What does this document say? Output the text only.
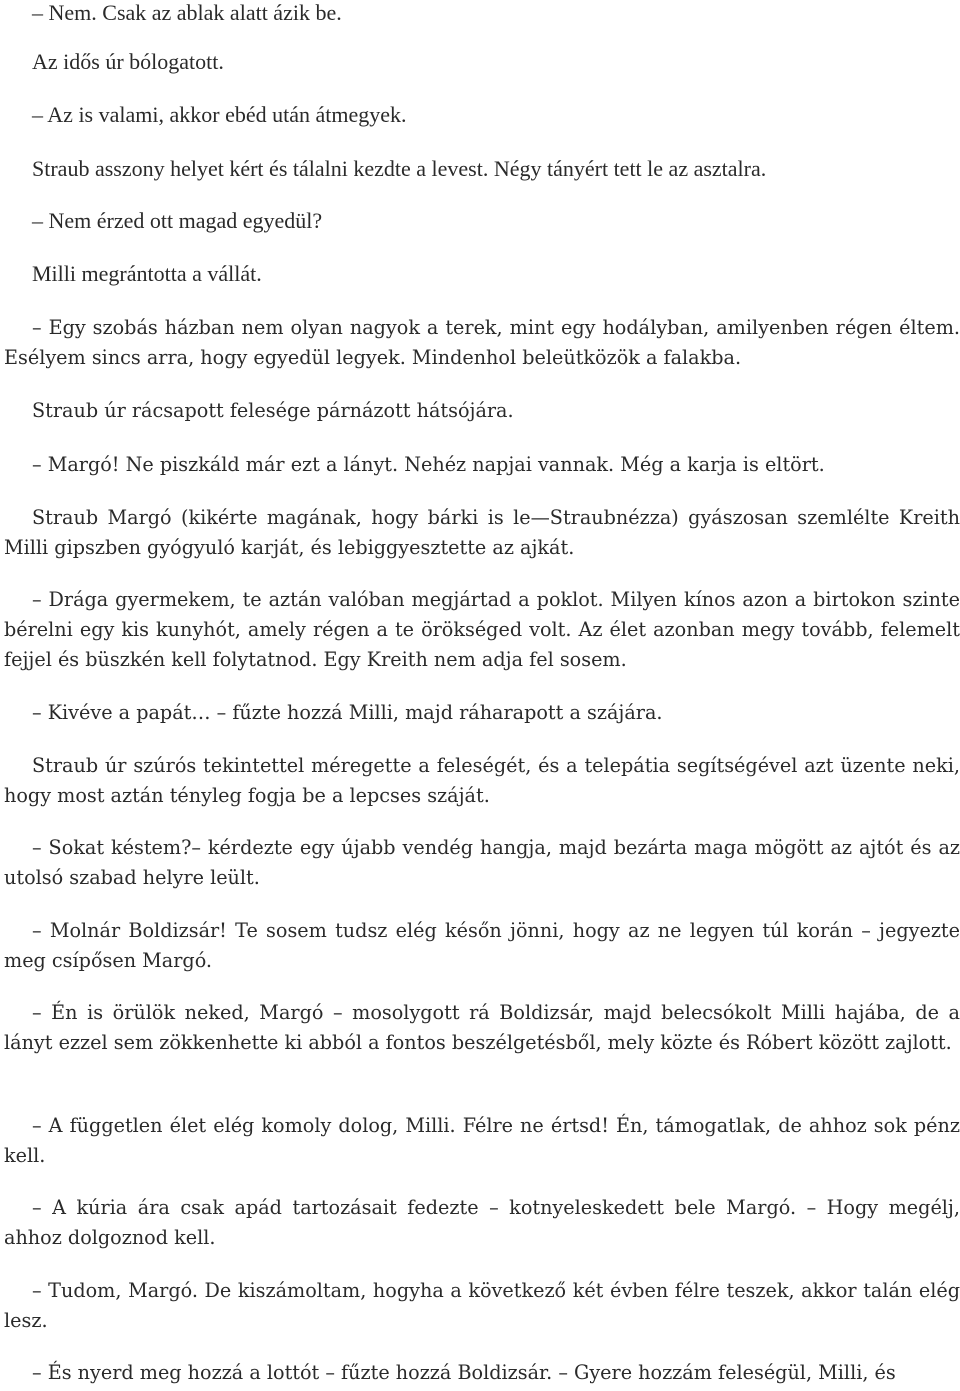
– Nem. Csak az ablak alatt ázik be.

Az idős úr bólogatott.

– Az is valami, akkor ebéd után átmegyek.

Straub asszony helyet kért és tálalni kezdte a levest. Négy tányért tett le az asztalra.

– Nem érzed ott magad egyedül?

Milli megrántotta a vállát.

– Egy szobás házban nem olyan nagyok a terek, mint egy hodályban, amilyenben régen éltem. Esélyem sincs arra, hogy egyedül legyek. Mindenhol beleütközök a falakba.

Straub úr rácsapott felesége párnázott hátsójára.

– Margó! Ne piszkáld már ezt a lányt. Nehéz napjai vannak. Még a karja is eltört.

Straub Margó (kikérte magának, hogy bárki is le—Straubnézza) gyászosan szemlélte Kreith Milli gipszben gyógyuló karját, és lebiggyesztette az ajkát.

– Drága gyermekem, te aztán valóban megjártad a poklot. Milyen kínos azon a birtokon szinte bérelni egy kis kunyhót, amely régen a te örökséged volt. Az élet azonban megy tovább, felemelt fejjel és büszkén kell folytatnod. Egy Kreith nem adja fel sosem.

– Kivéve a papát… – fűzte hozzá Milli, majd ráharapott a szájára.

Straub úr szúrós tekintettel méregette a feleségét, és a telepátia segítségével azt üzente neki, hogy most aztán tényleg fogja be a lepcses száját.

– Sokat késtem?– kérdezte egy újabb vendég hangja, majd bezárta maga mögött az ajtót és az utolsó szabad helyre leült.

– Molnár Boldizsár! Te sosem tudsz elég későn jönni, hogy az ne legyen túl korán – jegyezte meg csípősen Margó.

– Én is örülök neked, Margó – mosolygott rá Boldizsár, majd belecsókolt Milli hajába, de a lányt ezzel sem zökkenhette ki abból a fontos beszélgetésből, mely közte és Róbert között zajlott.

– A független élet elég komoly dolog, Milli. Félre ne értsd! Én, támogatlak, de ahhoz sok pénz kell.

– A kúria ára csak apád tartozásait fedezte – kotnyeleskedett bele Margó. – Hogy megélj, ahhoz dolgoznod kell.

– Tudom, Margó. De kiszámoltam, hogyha a következő két évben félre teszek, akkor talán elég lesz.

– És nyerd meg hozzá a lottót – fűzte hozzá Boldizsár. – Gyere hozzám feleségül, Milli, és
